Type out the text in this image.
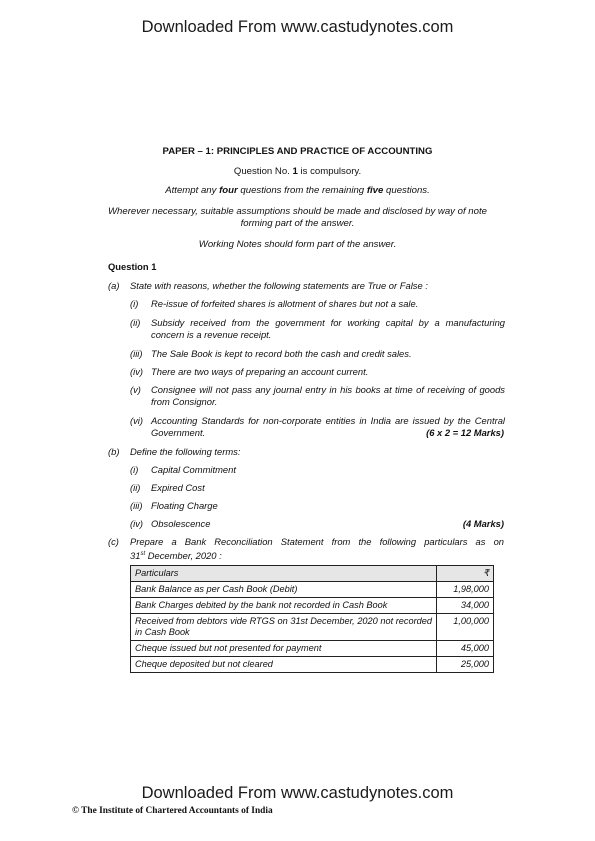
Downloaded From www.castudynotes.com
PAPER – 1: PRINCIPLES AND PRACTICE OF ACCOUNTING
Question No. 1 is compulsory.
Attempt any four questions from the remaining five questions.
Wherever necessary, suitable assumptions should be made and disclosed by way of note
forming part of the answer.
Working Notes should form part of the answer.
Question 1
(a) State with reasons, whether the following statements are True or False :
(i) Re-issue of forfeited shares is allotment of shares but not a sale.
(ii) Subsidy received from the government for working capital by a manufacturing
concern is a revenue receipt.
(iii) The Sale Book is kept to record both the cash and credit sales.
(iv) There are two ways of preparing an account current.
(v) Consignee will not pass any journal entry in his books at time of receiving of goods
from Consignor.
(vi) Accounting Standards for non-corporate entities in India are issued by the Central
Government.	(6 x 2 = 12 Marks)
(b) Define the following terms:
(i) Capital Commitment
(ii) Expired Cost
(iii) Floating Charge
(iv) Obsolescence	(4 Marks)
(c) Prepare a Bank Reconciliation Statement from the following particulars as on
31st December, 2020 :
Particulars	₹
Bank Balance as per Cash Book (Debit)	1,98,000
Bank Charges debited by the bank not recorded in Cash Book	34,000
Received from debtors vide RTGS on 31st December, 2020 not recorded in Cash Book	1,00,000
Cheque issued but not presented for payment	45,000
Cheque deposited but not cleared	25,000
Downloaded From www.castudynotes.com
© The Institute of Chartered Accountants of India
